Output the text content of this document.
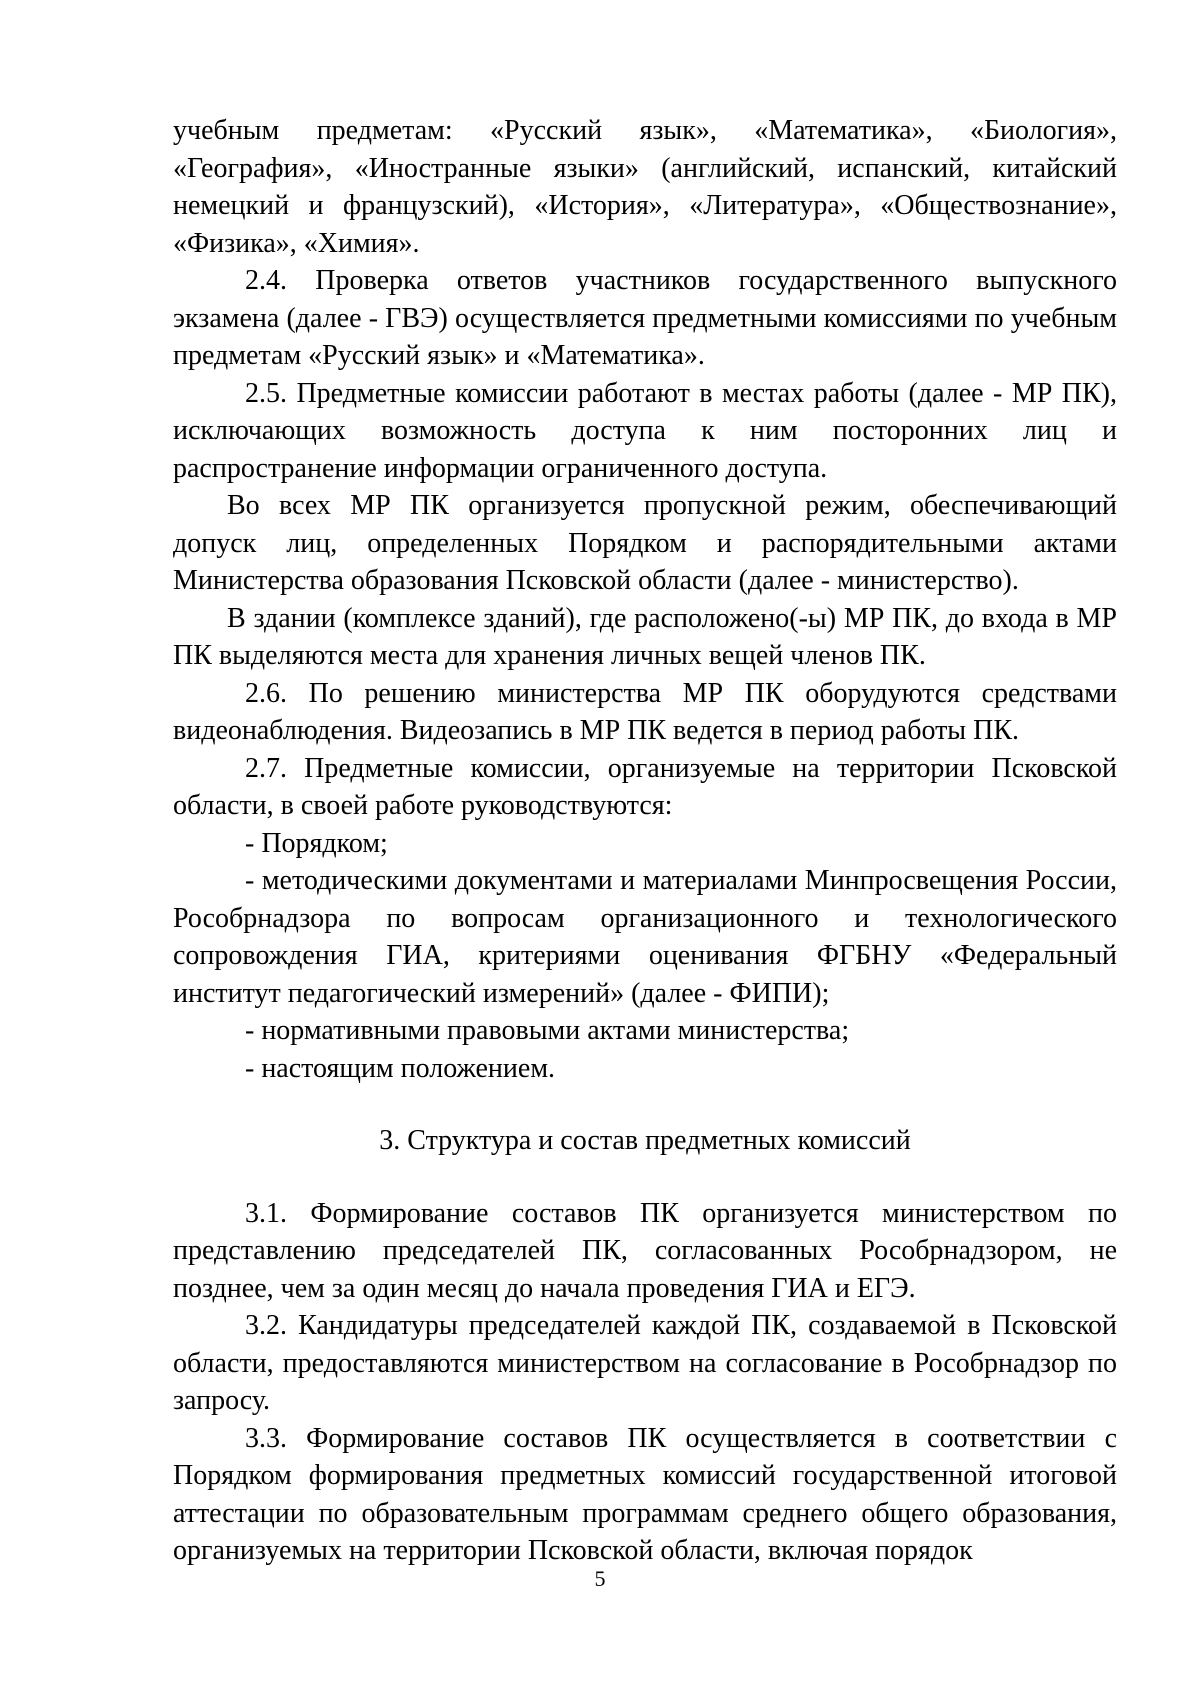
учебным предметам: «Русский язык», «Математика», «Биология», «География», «Иностранные языки» (английский, испанский, китайский немецкий и французский), «История», «Литература», «Обществознание», «Физика», «Химия».

2.4. Проверка ответов участников государственного выпускного экзамена (далее - ГВЭ) осуществляется предметными комиссиями по учебным предметам «Русский язык» и «Математика».

2.5. Предметные комиссии работают в местах работы (далее - МР ПК), исключающих возможность доступа к ним посторонних лиц и распространение информации ограниченного доступа.

Во всех МР ПК организуется пропускной режим, обеспечивающий допуск лиц, определенных Порядком и распорядительными актами Министерства образования Псковской области (далее - министерство).

В здании (комплексе зданий), где расположено(-ы) МР ПК, до входа в МР ПК выделяются места для хранения личных вещей членов ПК.

2.6. По решению министерства МР ПК оборудуются средствами видеонаблюдения. Видеозапись в МР ПК ведется в период работы ПК.

2.7. Предметные комиссии, организуемые на территории Псковской области, в своей работе руководствуются:

- Порядком;

- методическими документами и материалами Минпросвещения России, Рособрнадзора по вопросам организационного и технологического сопровождения ГИА, критериями оценивания ФГБНУ «Федеральный институт педагогический измерений» (далее - ФИПИ);

- нормативными правовыми актами министерства;

- настоящим положением.

3. Структура и состав предметных комиссий

3.1. Формирование составов ПК организуется министерством по представлению председателей ПК, согласованных Рособрнадзором, не позднее, чем за один месяц до начала проведения ГИА и ЕГЭ.

3.2. Кандидатуры председателей каждой ПК, создаваемой в Псковской области, предоставляются министерством на согласование в Рособрнадзор по запросу.

3.3. Формирование составов ПК осуществляется в соответствии с Порядком формирования предметных комиссий государственной итоговой аттестации по образовательным программам среднего общего образования, организуемых на территории Псковской области, включая порядок

5
